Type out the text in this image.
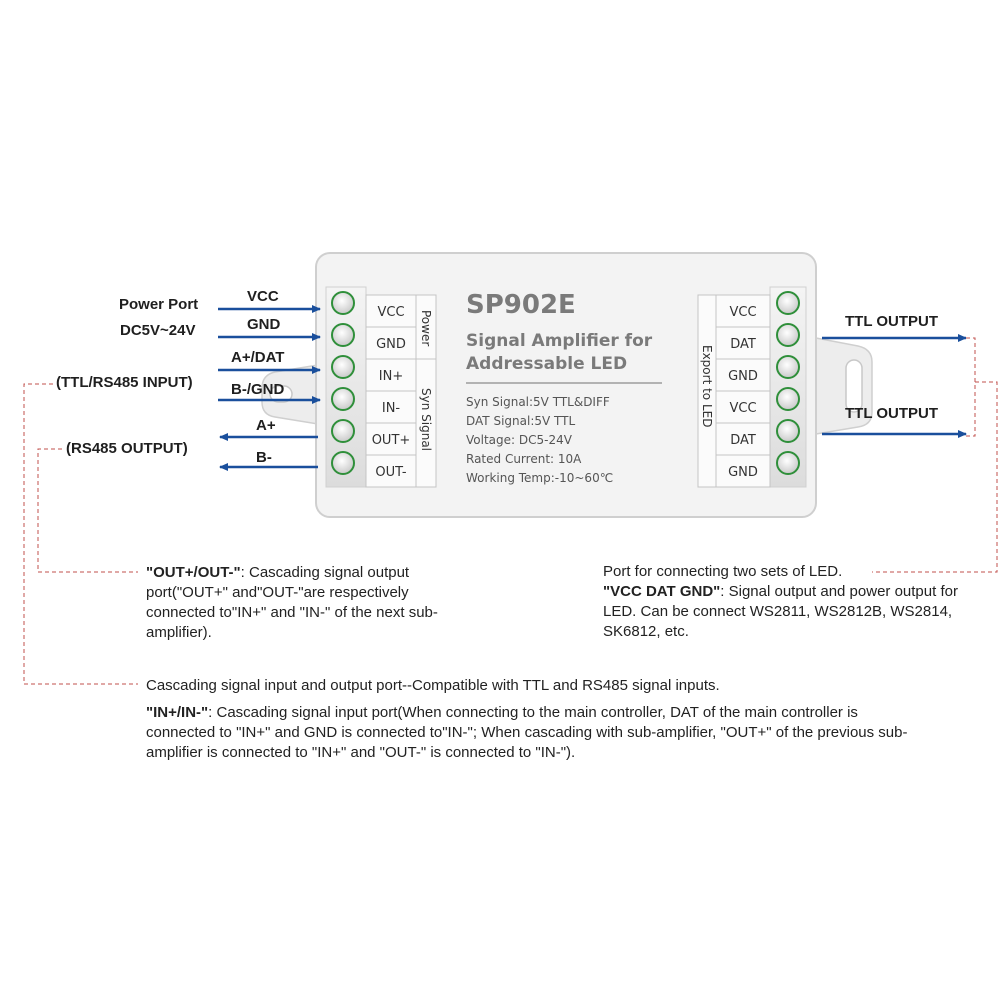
VCC
GND
IN+
IN-
OUT+
OUT-
Power
Syn Signal
VCC
DAT
GND
VCC
DAT
GND
Export to LED
SP902E
Signal Amplifier for
Addressable LED
Syn Signal:5V TTL&DIFF
DAT Signal:5V TTL
Voltage: DC5-24V
Rated Current: 10A
Working Temp:-10~60℃
Power Port
DC5V~24V
VCC
GND
A+/DAT
B-/GND
A+
B-
(TTL/RS485 INPUT)
(RS485 OUTPUT)
TTL OUTPUT
TTL OUTPUT
"OUT+/OUT-": Cascading signal output port("OUT+" and"OUT-"are respectively connected to"IN+" and "IN-" of the next sub-amplifier).
Port for connecting two sets of LED.
"VCC DAT GND": Signal output and power output for LED. Can be connect WS2811, WS2812B, WS2814, SK6812, etc.
Cascading signal input and output port--Compatible with TTL and RS485 signal inputs.
"IN+/IN-": Cascading signal input port(When connecting to the main controller, DAT of the main controller is connected to "IN+" and GND is connected to"IN-"; When cascading with sub-amplifier, "OUT+" of the previous sub-amplifier is connected to "IN+" and "OUT-" is connected to "IN-").
